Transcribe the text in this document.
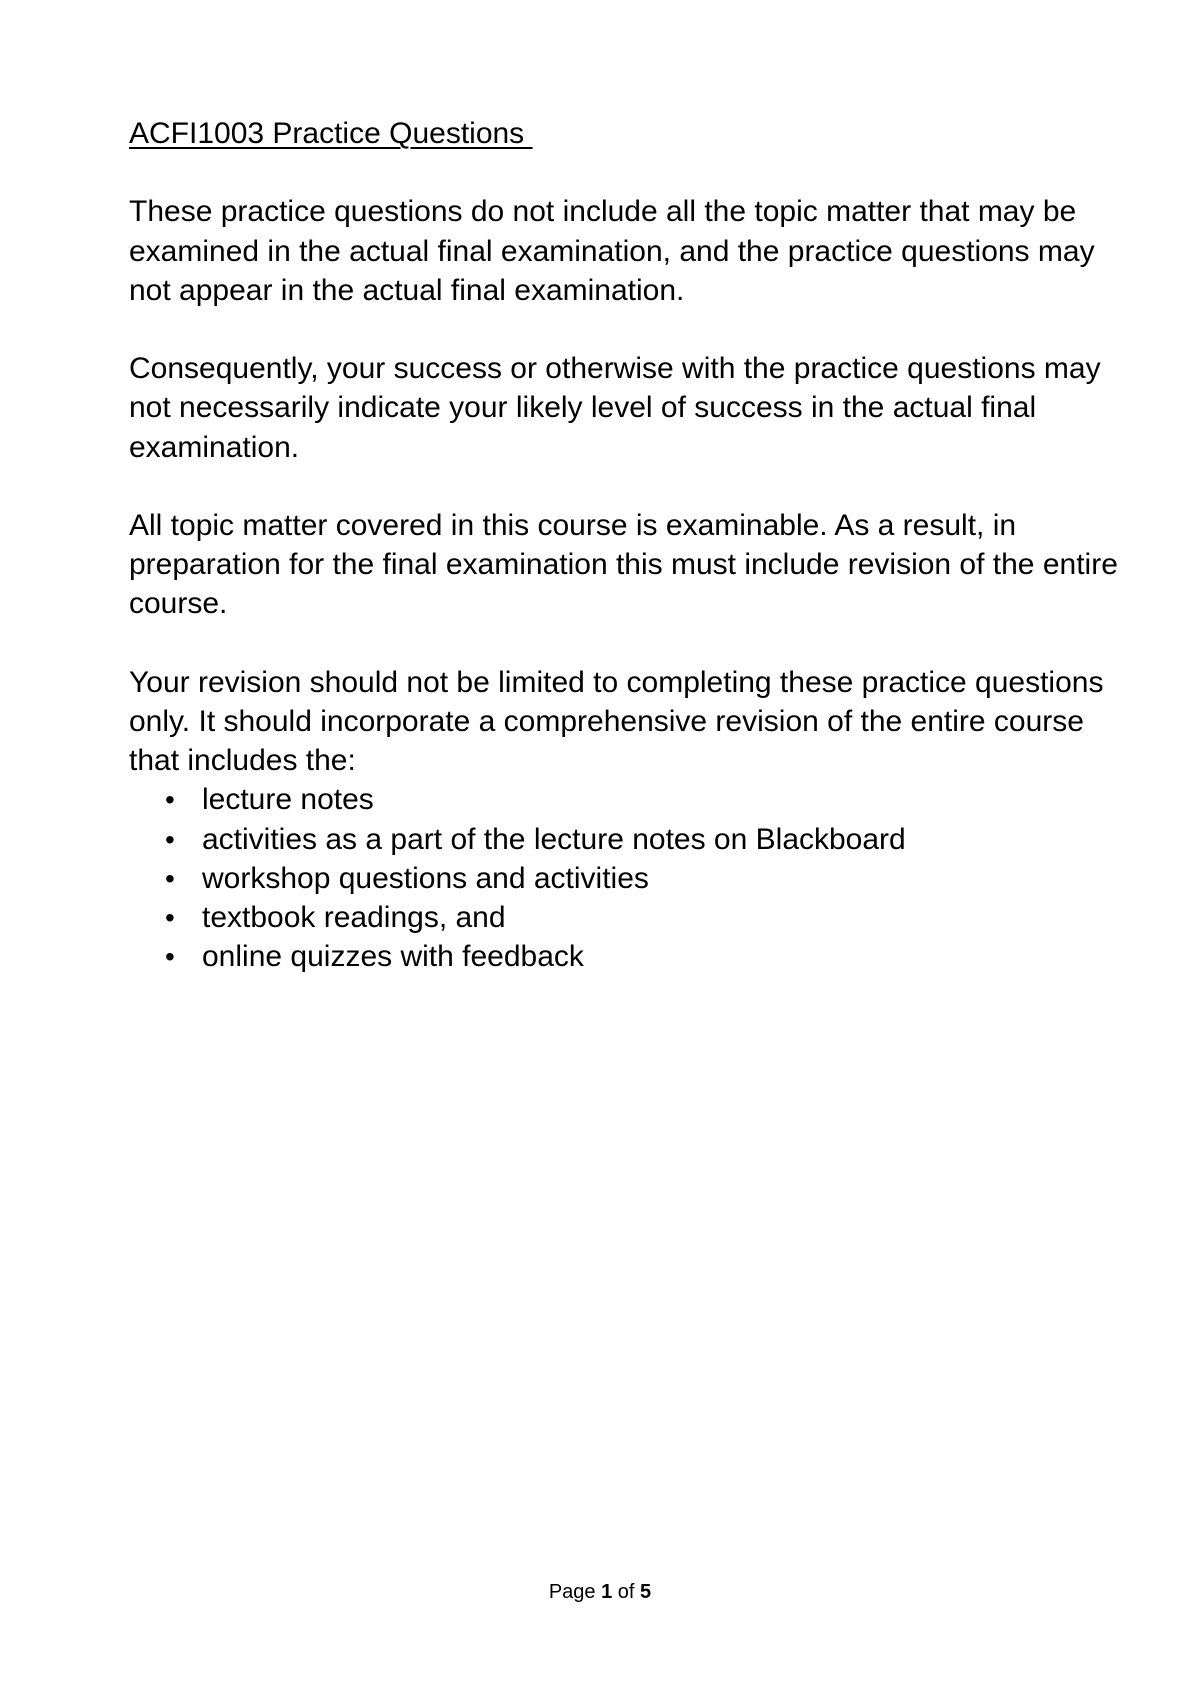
ACFI1003 Practice Questions

These practice questions do not include all the topic matter that may be examined in the actual final examination, and the practice questions may not appear in the actual final examination.

Consequently, your success or otherwise with the practice questions may not necessarily indicate your likely level of success in the actual final examination.

All topic matter covered in this course is examinable. As a result, in preparation for the final examination this must include revision of the entire course.

Your revision should not be limited to completing these practice questions only. It should incorporate a comprehensive revision of the entire course that includes the:

• lecture notes
• activities as a part of the lecture notes on Blackboard
• workshop questions and activities
• textbook readings, and
• online quizzes with feedback
Page 1 of 5
